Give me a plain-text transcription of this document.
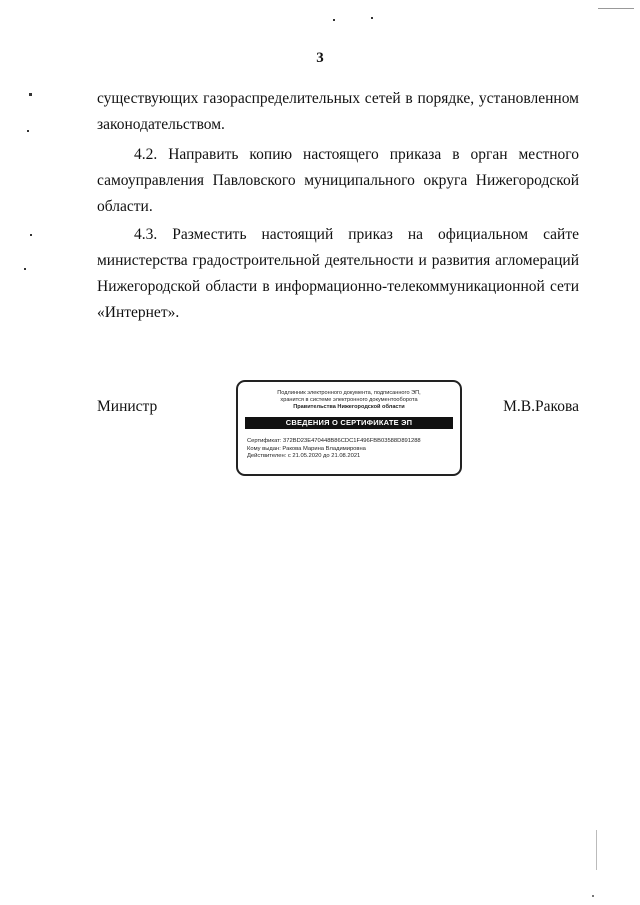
3

существующих газораспределительных сетей в порядке, установленном законодательством.

4.2. Направить копию настоящего приказа в орган местного самоуправления Павловского муниципального округа Нижегородской области.

4.3. Разместить настоящий приказ на официальном сайте министерства градостроительной деятельности и развития агломераций Нижегородской области в информационно-телекоммуникационной сети «Интернет».

Министр
Подлинник электронного документа, подписанного ЭП,
хранится в системе электронного документооборота
Правительства Нижегородской области
СВЕДЕНИЯ О СЕРТИФИКАТЕ ЭП
Сертификат: 372BD23E470448B86CDC1F496FBB03588D891288
Кому выдан: Ракова Марина Владимировна
Действителен: с 21.05.2020 до 21.08.2021
М.В.Ракова
